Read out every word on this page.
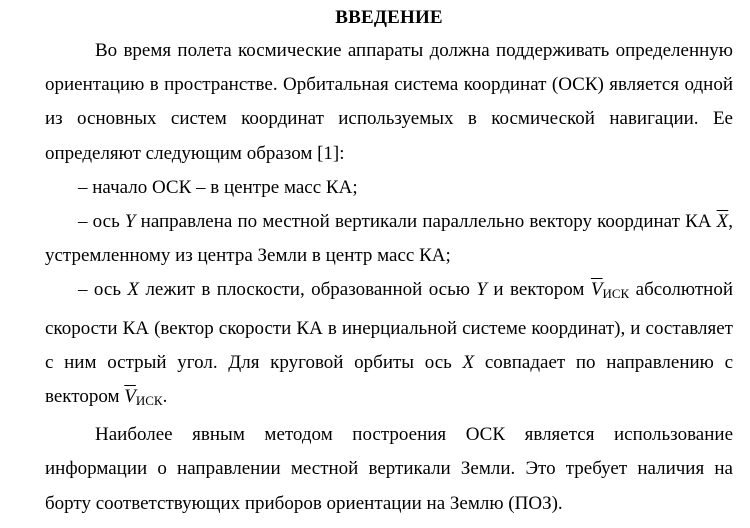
ВВЕДЕНИЕ

Во время полета космические аппараты должна поддерживать определенную ориентацию в пространстве. Орбитальная система координат (ОСК) является одной из основных систем координат используемых в космической навигации. Ее определяют следующим образом [1]:

– начало ОСК – в центре масс КА;

– ось Y направлена по местной вертикали параллельно вектору координат КА $\overline{X}$, устремленному из центра Земли в центр масс КА;

– ось X лежит в плоскости, образованной осью Y и вектором $\overline{V}_{ИСК}$ абсолютной скорости КА (вектор скорости КА в инерциальной системе координат), и составляет с ним острый угол. Для круговой орбиты ось X совпадает по направлению с вектором $\overline{V}_{ИСК}$.

Наиболее явным методом построения ОСК является использование информации о направлении местной вертикали Земли. Это требует наличия на борту соответствующих приборов ориентации на Землю (ПОЗ).
